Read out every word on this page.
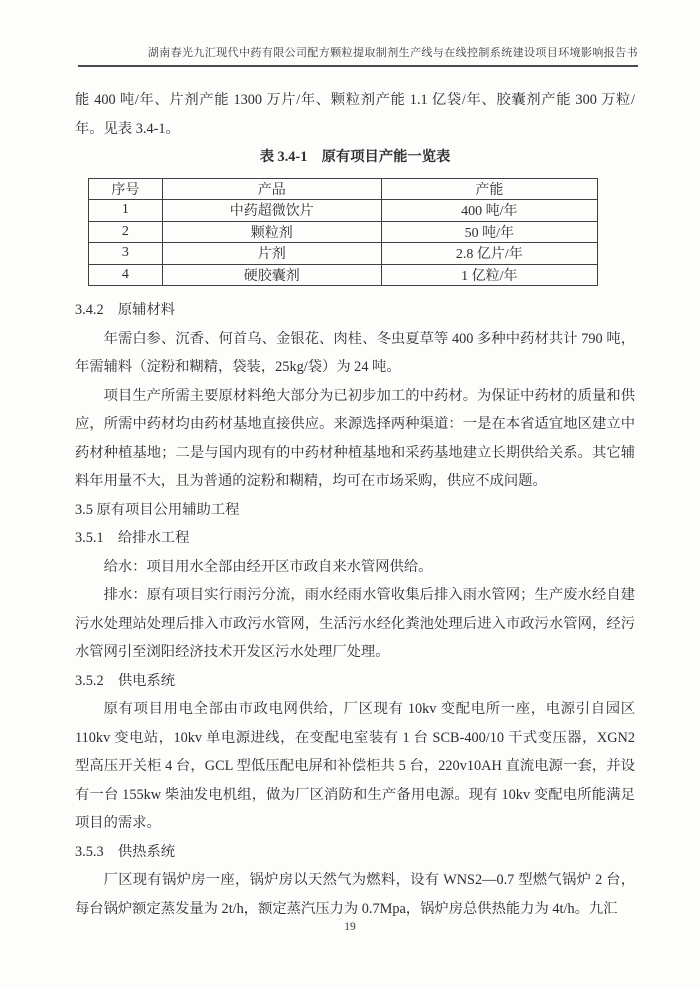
湖南春光九汇现代中药有限公司配方颗粒提取制剂生产线与在线控制系统建设项目环境影响报告书

能 400 吨/年、片剂产能 1300 万片/年、颗粒剂产能 1.1 亿袋/年、胶囊剂产能 300 万粒/年。见表 3.4-1。

表 3.4-1　原有项目产能一览表

序号	产品	产能
1	中药超微饮片	400 吨/年
2	颗粒剂	50 吨/年
3	片剂	2.8 亿片/年
4	硬胶囊剂	1 亿粒/年
3.4.2　原辅材料

年需白参、沉香、何首乌、金银花、肉桂、冬虫夏草等 400 多种中药材共计 790 吨，年需辅料（淀粉和糊精，袋装，25kg/袋）为 24 吨。

项目生产所需主要原材料绝大部分为已初步加工的中药材。为保证中药材的质量和供应，所需中药材均由药材基地直接供应。来源选择两种渠道：一是在本省适宜地区建立中药材种植基地；二是与国内现有的中药材种植基地和采药基地建立长期供给关系。其它辅料年用量不大，且为普通的淀粉和糊精，均可在市场采购，供应不成问题。

3.5 原有项目公用辅助工程
3.5.1　给排水工程

给水：项目用水全部由经开区市政自来水管网供给。

排水：原有项目实行雨污分流，雨水经雨水管收集后排入雨水管网；生产废水经自建污水处理站处理后排入市政污水管网，生活污水经化粪池处理后进入市政污水管网，经污水管网引至浏阳经济技术开发区污水处理厂处理。

3.5.2　供电系统

原有项目用电全部由市政电网供给，厂区现有 10kv 变配电所一座，电源引自园区 110kv 变电站，10kv 单电源进线，在变配电室装有 1 台 SCB-400/10 干式变压器，XGN2 型高压开关柜 4 台，GCL 型低压配电屏和补偿柜共 5 台，220v10AH 直流电源一套，并设有一台 155kw 柴油发电机组，做为厂区消防和生产备用电源。现有 10kv 变配电所能满足项目的需求。

3.5.3　供热系统

厂区现有锅炉房一座，锅炉房以天然气为燃料，设有 WNS2—0.7 型燃气锅炉 2 台，每台锅炉额定蒸发量为 2t/h，额定蒸汽压力为 0.7Mpa，锅炉房总供热能力为 4t/h。九汇

19
